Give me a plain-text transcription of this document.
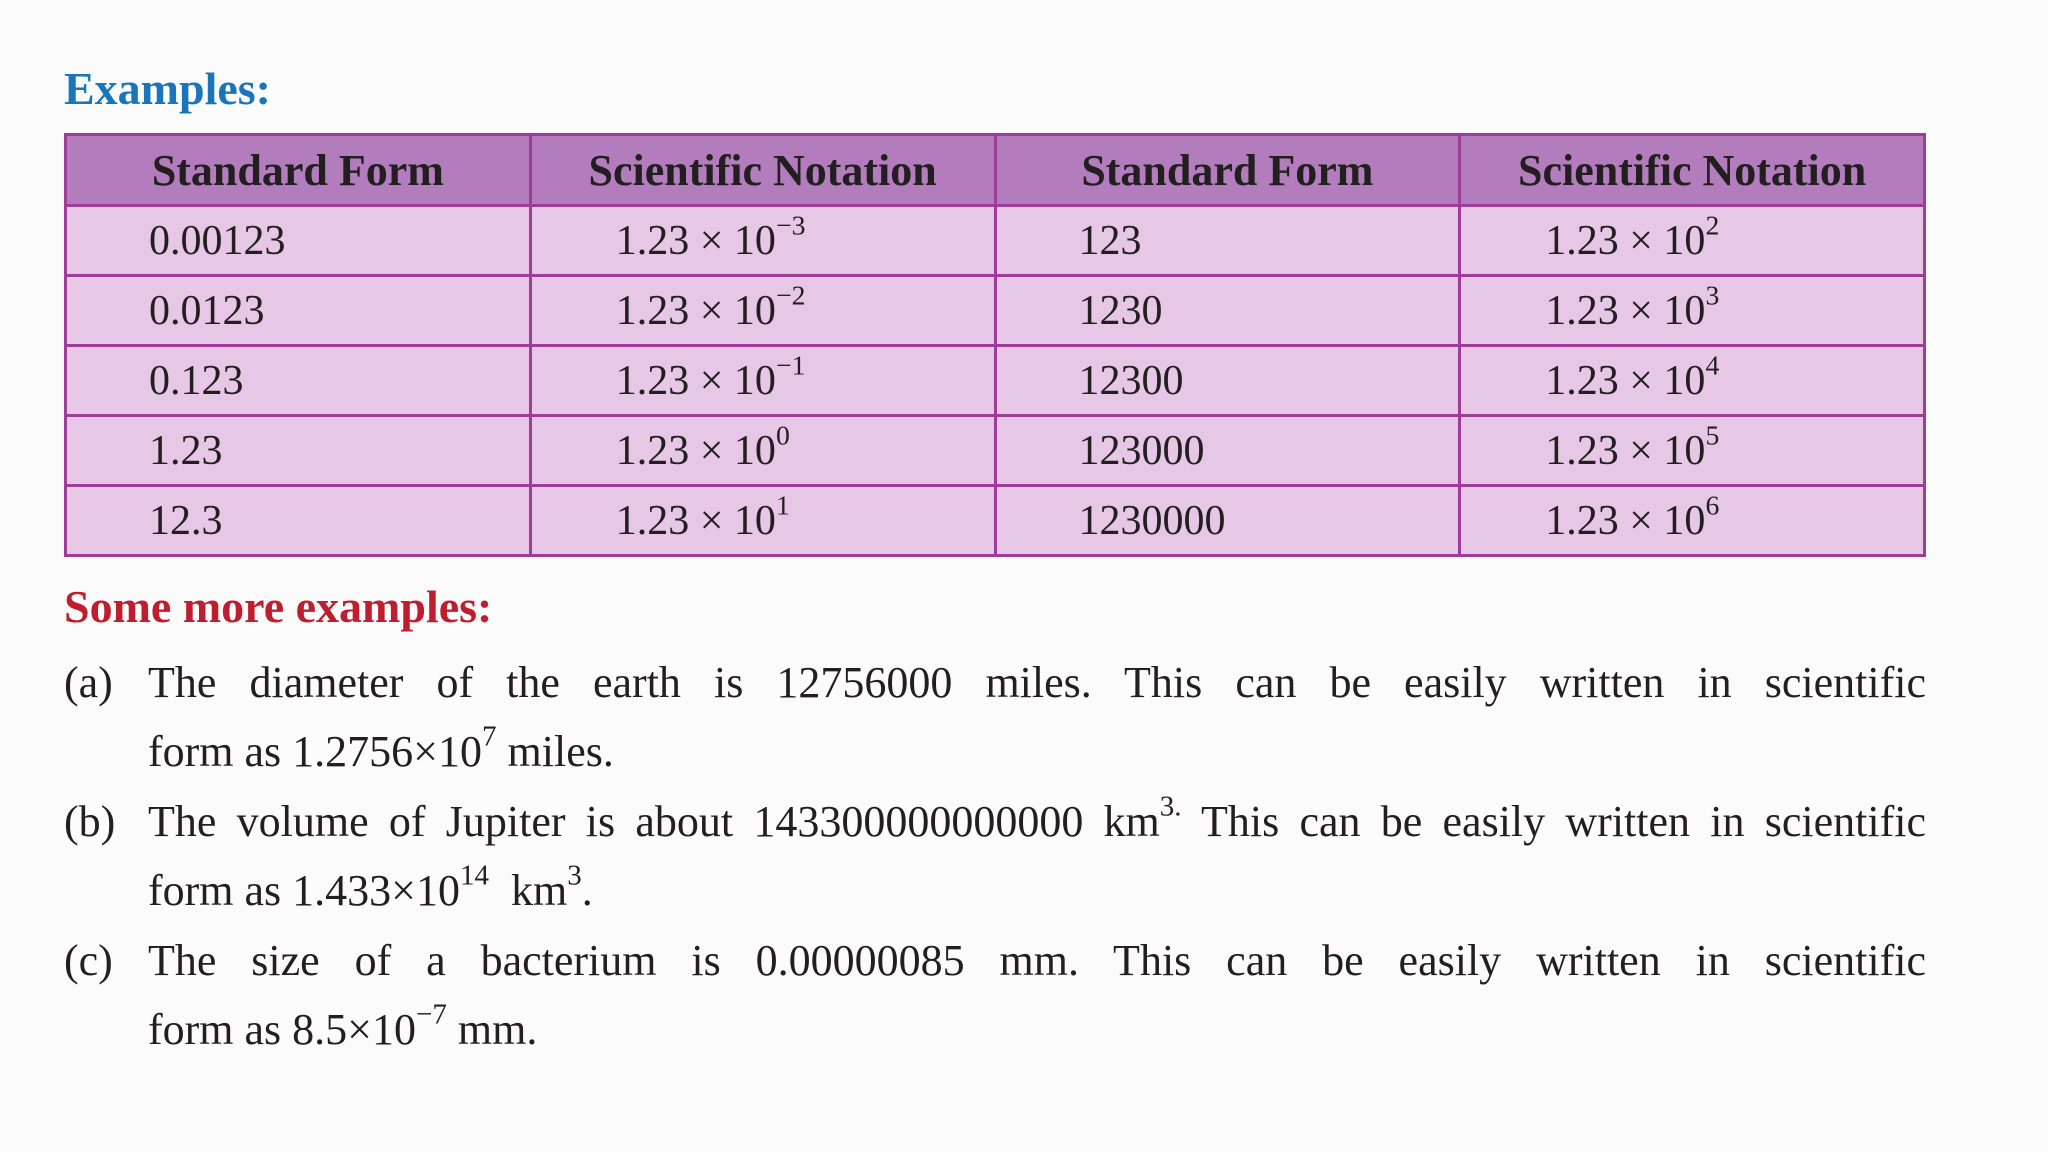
Examples:
Standard Form	Scientific Notation	Standard Form	Scientific Notation
0.00123	$1.23 \times 10^{-3}$	123	$1.23 \times 10^2$
0.0123	$1.23 \times 10^{-2}$	1230	$1.23 \times 10^3$
0.123	$1.23 \times 10^{-1}$	12300	$1.23 \times 10^4$
1.23	$1.23 \times 10^0$	123000	$1.23 \times 10^5$
12.3	$1.23 \times 10^1$	1230000	$1.23 \times 10^6$
Some more examples:
(a) The diameter of the earth is 12756000 miles. This can be easily written in scientific
form as $1.2756\times 10^7$ miles.
(b) The volume of Jupiter is about 143300000000000 $km^{3.}$ This can be easily written in scientific
form as $1.433\times 10^{14}$  $km^3$.
(c) The size of a bacterium is 0.00000085 mm. This can be easily written in scientific
form as $8.5\times 10^{-7}$ mm.
